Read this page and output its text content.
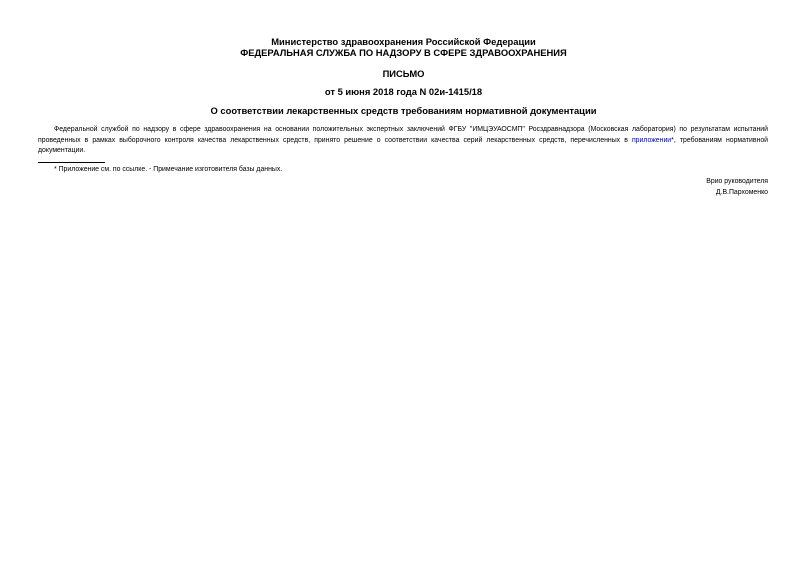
Министерство здравоохранения Российской Федерации
ФЕДЕРАЛЬНАЯ СЛУЖБА ПО НАДЗОРУ В СФЕРЕ ЗДРАВООХРАНЕНИЯ
ПИСЬМО
от 5 июня 2018 года N 02и-1415/18
О соответствии лекарственных средств требованиям нормативной документации

Федеральной службой по надзору в сфере здравоохранения на основании положительных экспертных заключений ФГБУ "ИМЦЭУАОСМП" Росздравнадзора (Московская лаборатория) по результатам испытаний проведенных в рамках выборочного контроля качества лекарственных средств, принято решение о соответствии качества серий лекарственных средств, перечисленных в приложении*, требованиям нормативной документации.

* Приложение см. по ссылке. - Примечание изготовителя базы данных.
Врио руководителя
Д.В.Пархоменко
